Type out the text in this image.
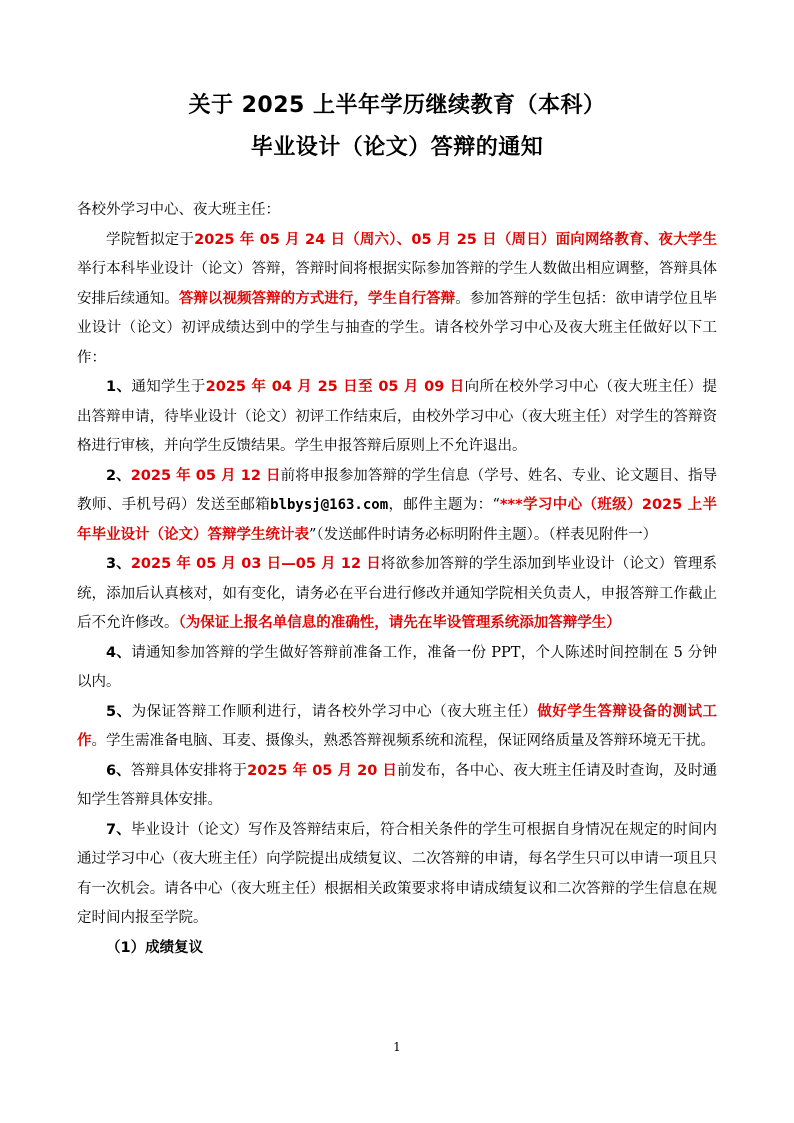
关于 2025 上半年学历继续教育（本科）
毕业设计（论文）答辩的通知

各校外学习中心、夜大班主任：

学院暂拟定于2025 年 05 月 24 日（周六）、05 月 25 日（周日）面向网络教育、夜大学生举行本科毕业设计（论文）答辩，答辩时间将根据实际参加答辩的学生人数做出相应调整，答辩具体安排后续通知。答辩以视频答辩的方式进行，学生自行答辩。参加答辩的学生包括：欲申请学位且毕业设计（论文）初评成绩达到中的学生与抽查的学生。请各校外学习中心及夜大班主任做好以下工作：

1、通知学生于2025 年 04 月 25 日至 05 月 09 日向所在校外学习中心（夜大班主任）提出答辩申请，待毕业设计（论文）初评工作结束后，由校外学习中心（夜大班主任）对学生的答辩资格进行审核，并向学生反馈结果。学生申报答辩后原则上不允许退出。

2、2025 年 05 月 12 日前将申报参加答辩的学生信息（学号、姓名、专业、论文题目、指导教师、手机号码）发送至邮箱blbysj@163.com，邮件主题为：“***学习中心（班级）2025 上半年毕业设计（论文）答辩学生统计表”（发送邮件时请务必标明附件主题）。（样表见附件一）

3、2025 年 05 月 03 日—05 月 12 日将欲参加答辩的学生添加到毕业设计（论文）管理系统，添加后认真核对，如有变化，请务必在平台进行修改并通知学院相关负责人，申报答辩工作截止后不允许修改。（为保证上报名单信息的准确性，请先在毕设管理系统添加答辩学生）

4、请通知参加答辩的学生做好答辩前准备工作，准备一份 PPT，个人陈述时间控制在 5 分钟以内。

5、为保证答辩工作顺利进行，请各校外学习中心（夜大班主任）做好学生答辩设备的测试工作。学生需准备电脑、耳麦、摄像头，熟悉答辩视频系统和流程，保证网络质量及答辩环境无干扰。

6、答辩具体安排将于2025 年 05 月 20 日前发布，各中心、夜大班主任请及时查询，及时通知学生答辩具体安排。

7、毕业设计（论文）写作及答辩结束后，符合相关条件的学生可根据自身情况在规定的时间内通过学习中心（夜大班主任）向学院提出成绩复议、二次答辩的申请，每名学生只可以申请一项且只有一次机会。请各中心（夜大班主任）根据相关政策要求将申请成绩复议和二次答辩的学生信息在规定时间内报至学院。

（1）成绩复议

1
